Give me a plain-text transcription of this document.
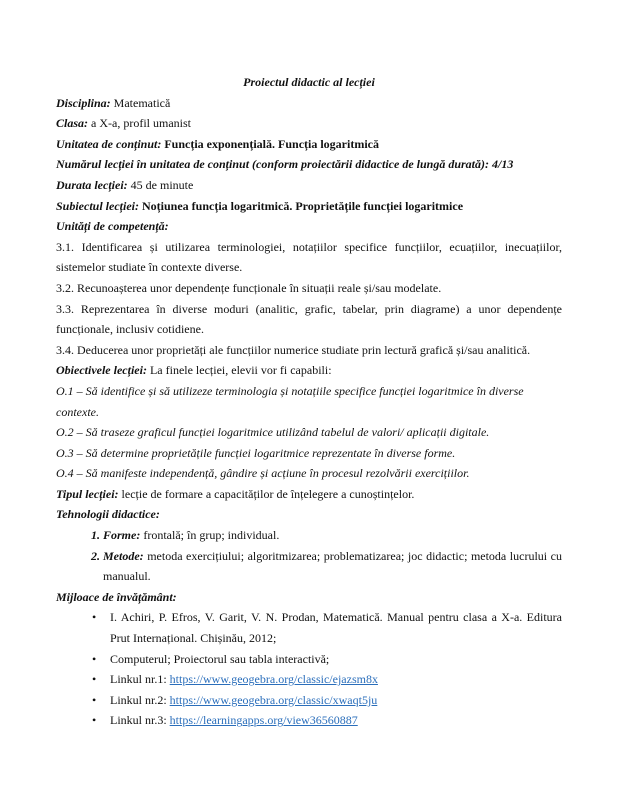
Proiectul didactic al lecției

Disciplina: Matematică

Clasa: a X-a, profil umanist

Unitatea de conținut: Funcția exponențială. Funcția logaritmică

Numărul lecției în unitatea de conținut (conform proiectării didactice de lungă durată): 4/13

Durata lecției: 45 de minute

Subiectul lecției: Noțiunea funcția logaritmică. Proprietățile funcției logaritmice

Unități de competență:

3.1. Identificarea și utilizarea terminologiei, notațiilor specifice funcțiilor, ecuațiilor, inecuațiilor, sistemelor studiate în contexte diverse.

3.2. Recunoașterea unor dependențe funcționale în situații reale și/sau modelate.

3.3. Reprezentarea în diverse moduri (analitic, grafic, tabelar, prin diagrame) a unor dependențe funcționale, inclusiv cotidiene.

3.4. Deducerea unor proprietăți ale funcțiilor numerice studiate prin lectură grafică și/sau analitică.

Obiectivele lecției: La finele lecției, elevii vor fi capabili:

O.1 – Să identifice și să utilizeze terminologia și notațiile specifice funcției logaritmice în diverse contexte.

O.2 – Să traseze graficul funcției logaritmice utilizând tabelul de valori/ aplicații digitale.

O.3 – Să determine proprietățile funcției logaritmice reprezentate în diverse forme.

O.4 – Să manifeste independență, gândire și acțiune în procesul rezolvării exercițiilor.

Tipul lecției: lecție de formare a capacităților de înțelegere a cunoștințelor.

Tehnologii didactice:

1. Forme: frontală; în grup; individual.
2. Metode: metoda exercițiului; algoritmizarea; problematizarea; joc didactic; metoda lucrului cu manualul.

Mijloace de învățământ:

• I. Achiri, P. Efros, V. Garit, V. N. Prodan, Matematică. Manual pentru clasa a X-a. Editura Prut Internațional. Chișinău, 2012;
• Computerul; Proiectorul sau tabla interactivă;
• Linkul nr.1: https://www.geogebra.org/classic/ejazsm8x
• Linkul nr.2: https://www.geogebra.org/classic/xwaqt5ju
• Linkul nr.3: https://learningapps.org/view36560887
